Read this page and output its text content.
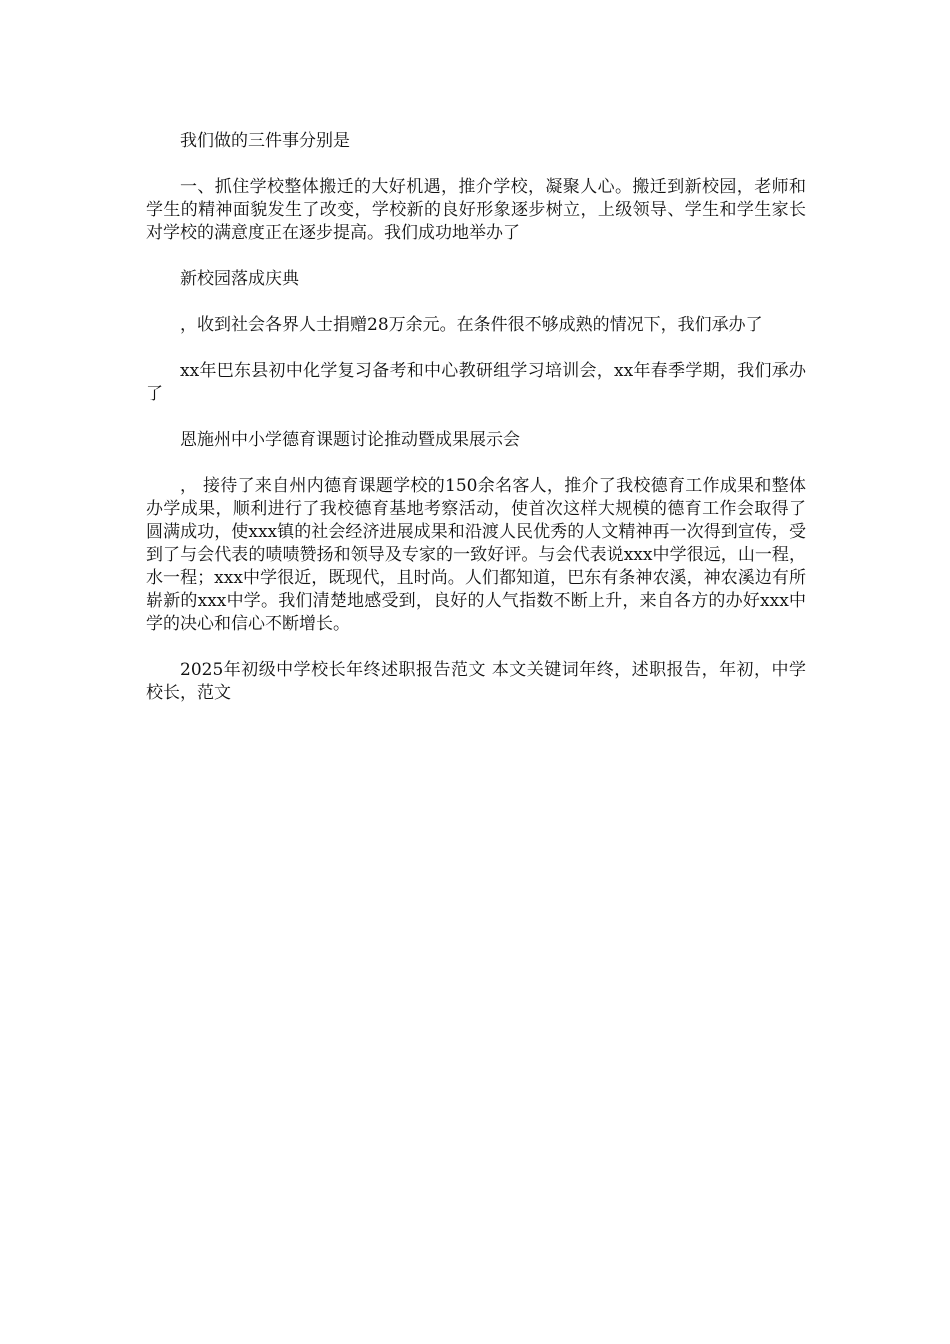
我们做的三件事分别是

一、抓住学校整体搬迁的大好机遇，推介学校，凝聚人心。搬迁到新校园，老师和学生的精神面貌发生了改变，学校新的良好形象逐步树立，上级领导、学生和学生家长对学校的满意度正在逐步提高。我们成功地举办了

新校园落成庆典

，收到社会各界人士捐赠28万余元。在条件很不够成熟的情况下，我们承办了

xx年巴东县初中化学复习备考和中心教研组学习培训会，xx年春季学期，我们承办了

恩施州中小学德育课题讨论推动暨成果展示会

， 接待了来自州内德育课题学校的150余名客人，推介了我校德育工作成果和整体办学成果，顺利进行了我校德育基地考察活动，使首次这样大规模的德育工作会取得了圆满成功，使xxx镇的社会经济进展成果和沿渡人民优秀的人文精神再一次得到宣传，受到了与会代表的啧啧赞扬和领导及专家的一致好评。与会代表说xxx中学很远，山一程，水一程；xxx中学很近，既现代，且时尚。人们都知道，巴东有条神农溪，神农溪边有所崭新的xxx中学。我们清楚地感受到，良好的人气指数不断上升，来自各方的办好xxx中学的决心和信心不断增长。

2025年初级中学校长年终述职报告范文 本文关键词年终，述职报告，年初，中学校长，范文
